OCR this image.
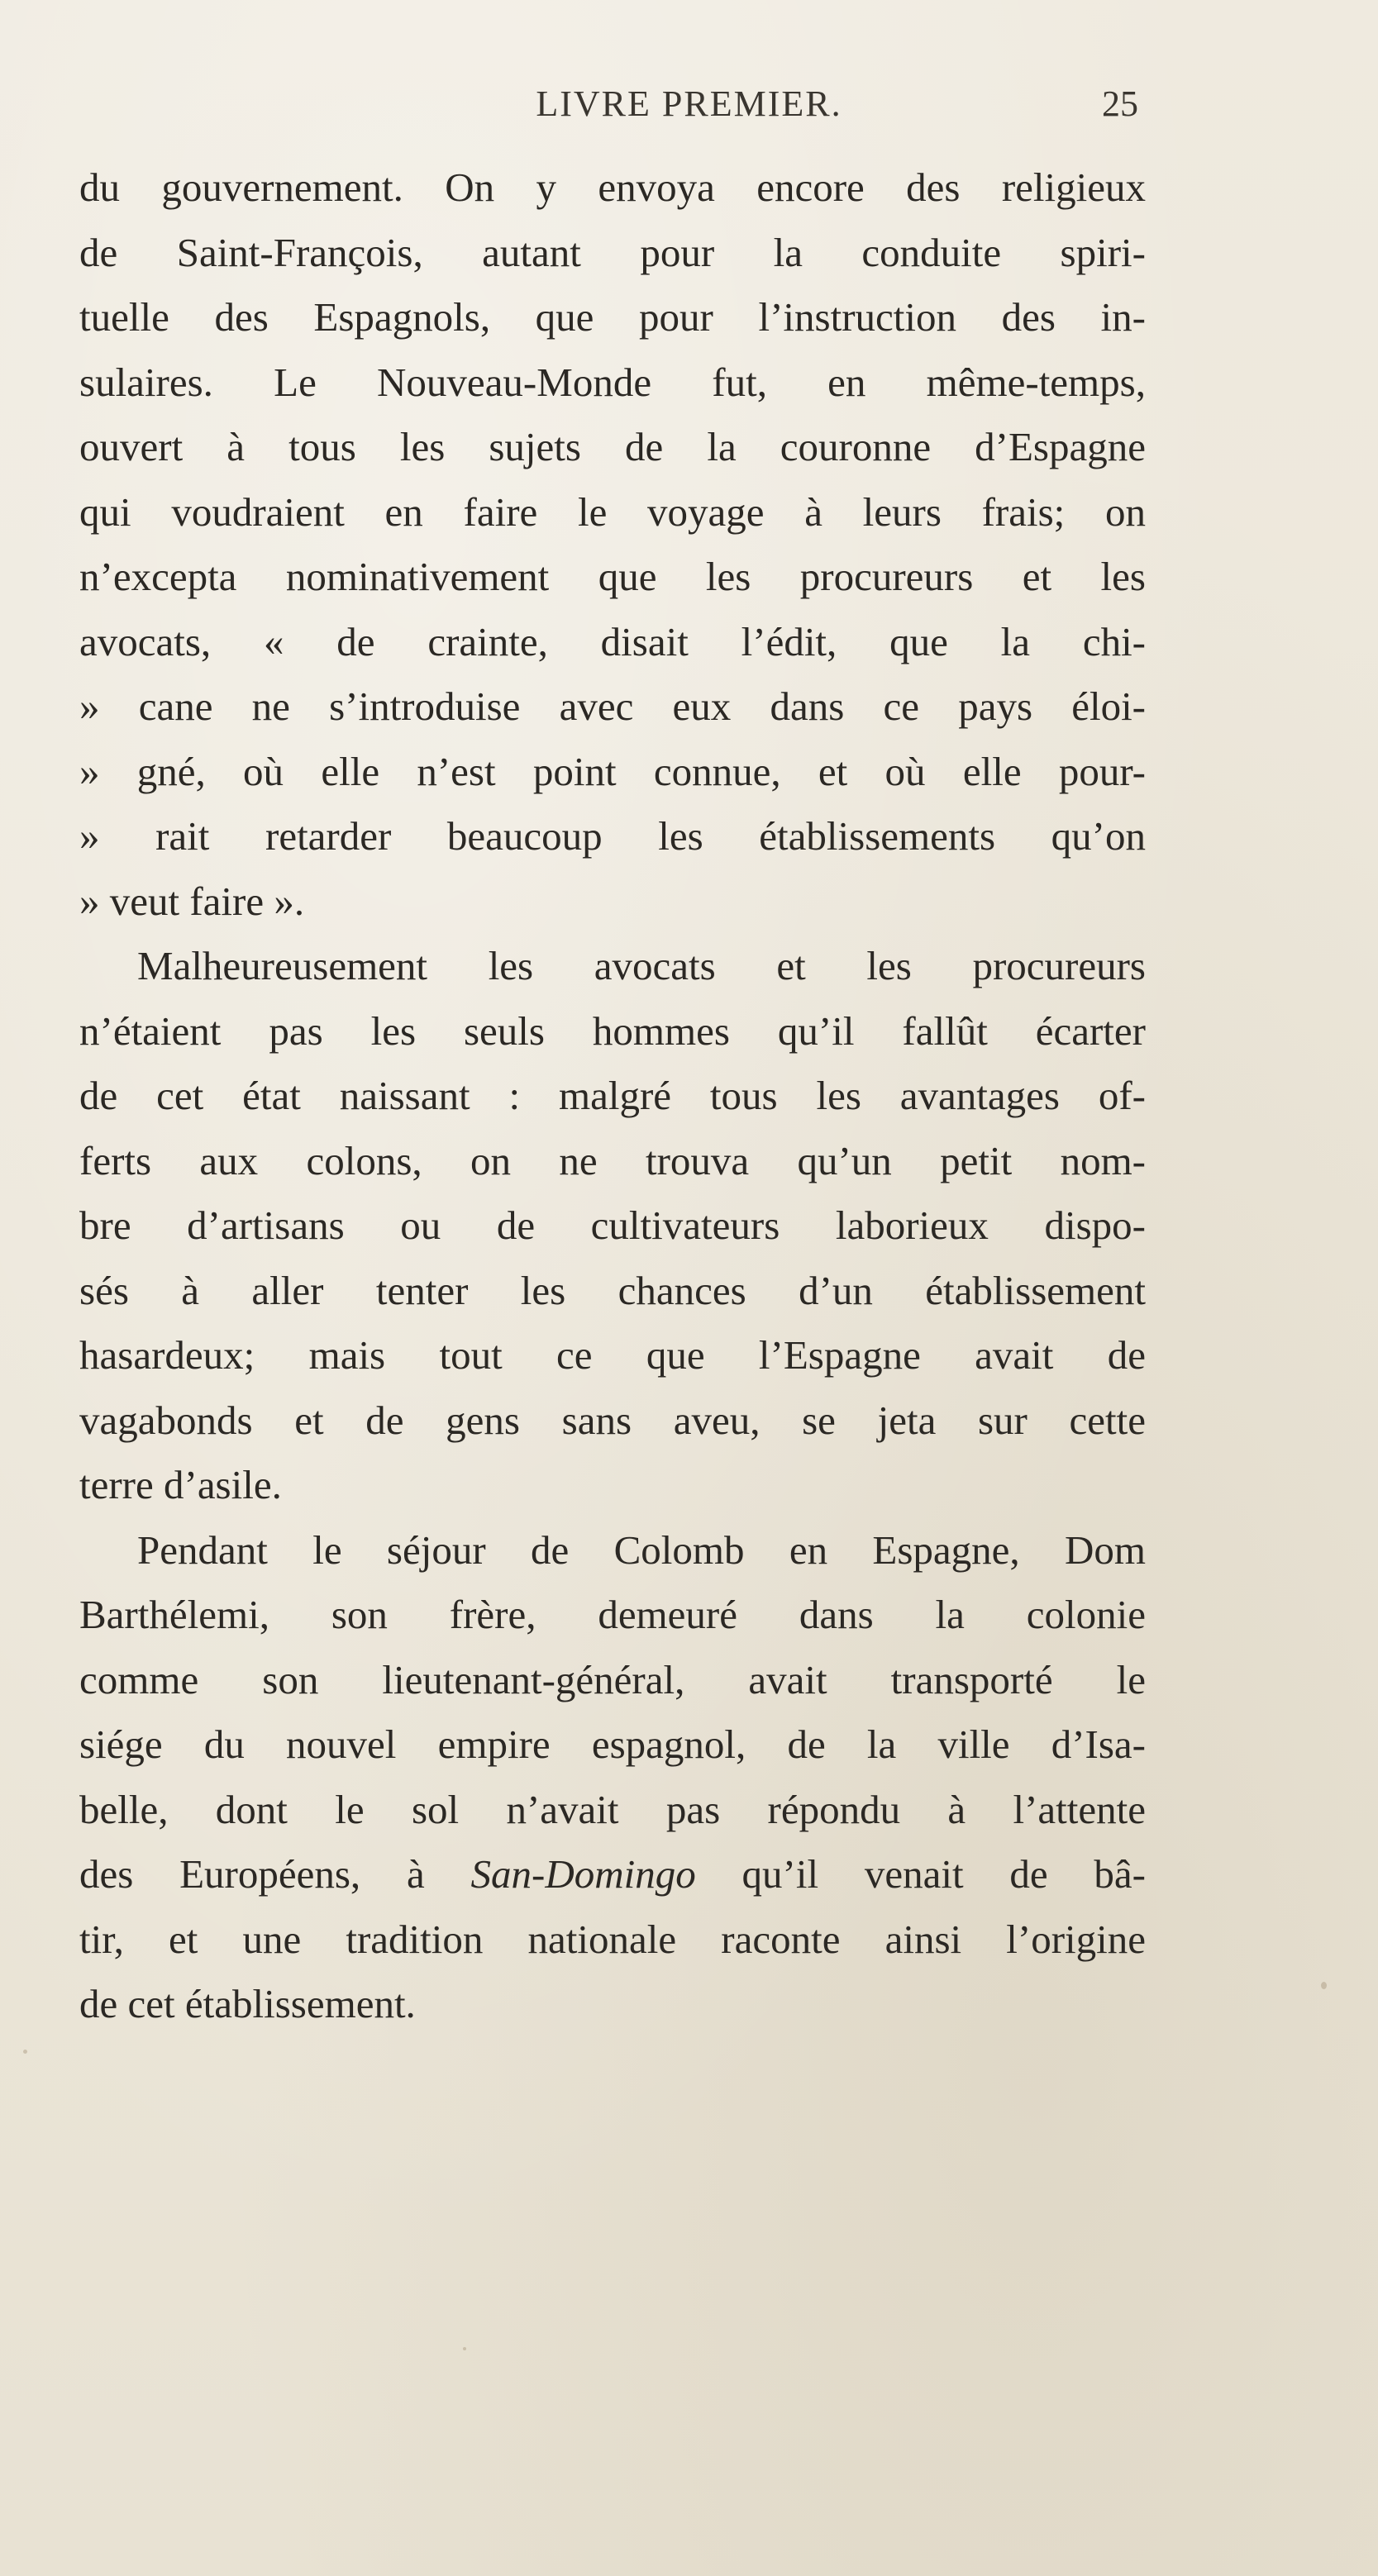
LIVRE PREMIER.	25
du gouvernement. On y envoya encore des religieux
de Saint-François, autant pour la conduite spiri-
tuelle des Espagnols, que pour l’instruction des in-
sulaires. Le Nouveau-Monde fut, en même-temps,
ouvert à tous les sujets de la couronne d’Espagne
qui voudraient en faire le voyage à leurs frais; on
n’excepta nominativement que les procureurs et les
avocats, « de crainte, disait l’édit, que la chi-
» cane ne s’introduise avec eux dans ce pays éloi-
» gné, où elle n’est point connue, et où elle pour-
» rait retarder beaucoup les établissements qu’on
» veut faire ».
Malheureusement les avocats et les procureurs
n’étaient pas les seuls hommes qu’il fallût écarter
de cet état naissant : malgré tous les avantages of-
ferts aux colons, on ne trouva qu’un petit nom-
bre d’artisans ou de cultivateurs laborieux dispo-
sés à aller tenter les chances d’un établissement
hasardeux; mais tout ce que l’Espagne avait de
vagabonds et de gens sans aveu, se jeta sur cette
terre d’asile.
Pendant le séjour de Colomb en Espagne, Dom
Barthélemi, son frère, demeuré dans la colonie
comme son lieutenant-général, avait transporté le
siége du nouvel empire espagnol, de la ville d’Isa-
belle, dont le sol n’avait pas répondu à l’attente
des Européens, à San-Domingo qu’il venait de bâ-
tir, et une tradition nationale raconte ainsi l’origine
de cet établissement.
